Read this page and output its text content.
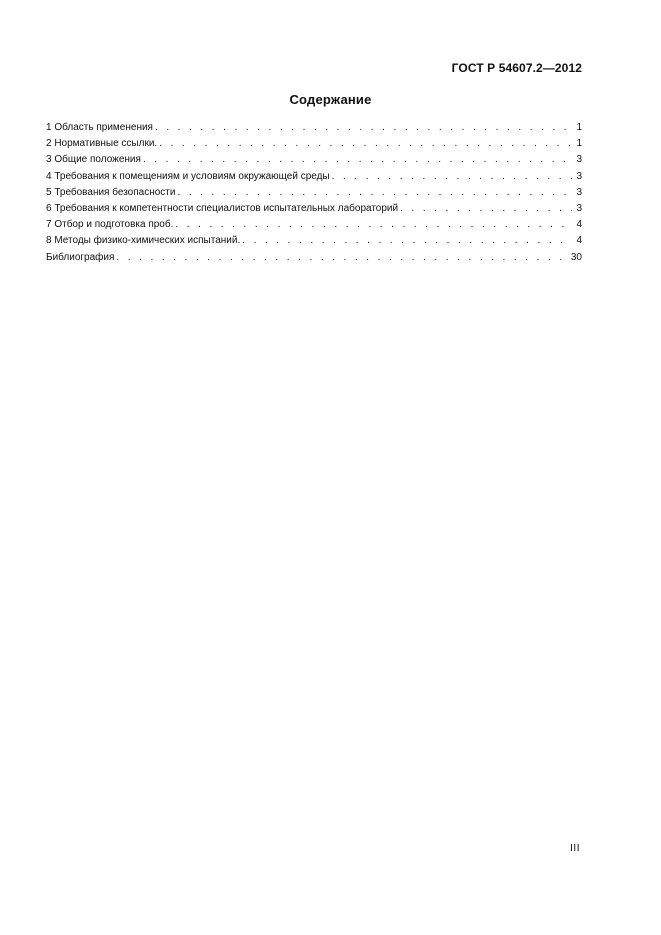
ГОСТ Р 54607.2—2012
Содержание
1 Область применения . . .	1
2 Нормативные ссылки. . . .	1
3 Общие положения . . .	3
4 Требования к помещениям и условиям окружающей среды . . .	3
5 Требования безопасности . . .	3
6 Требования к компетентности специалистов испытательных лабораторий . . .	3
7 Отбор и подготовка проб. . . .	4
8 Методы физико-химических испытаний. . . .	4
Библиография . . .	30
III
